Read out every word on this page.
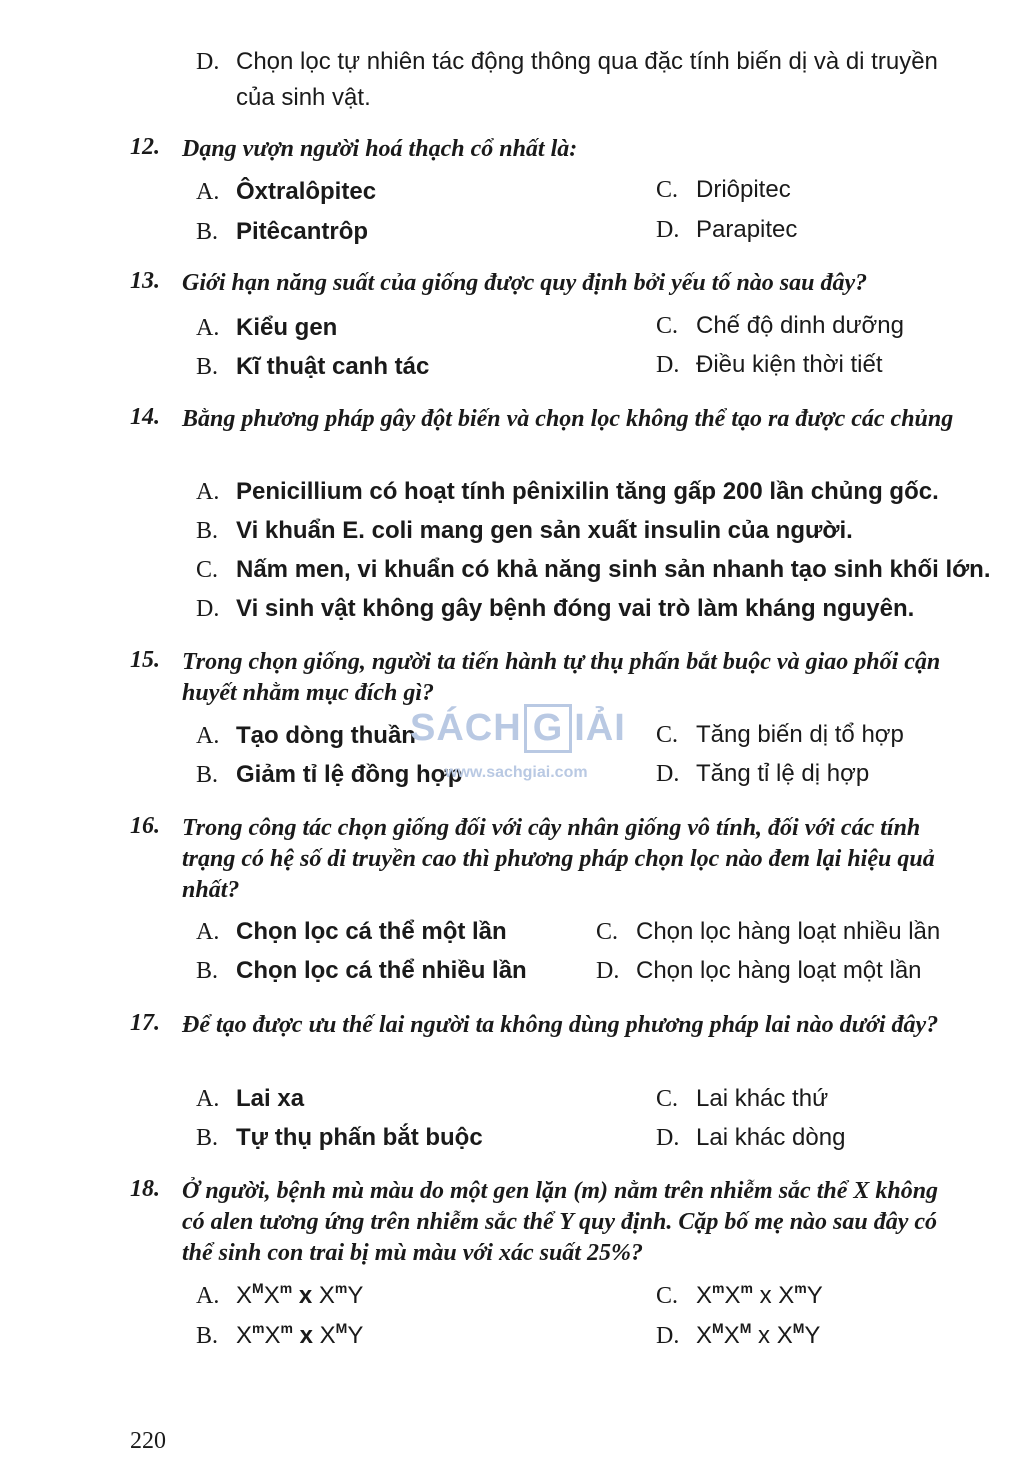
D. Chọn lọc tự nhiên tác động thông qua đặc tính biến dị và di truyền
của sinh vật.
12. Dạng vượn người hoá thạch cổ nhất là:
A. Ôxtralôpitec
B. Pitêcantrôp
C. Driôpitec
D. Parapitec
13. Giới hạn năng suất của giống được quy định bởi yếu tố nào sau đây?
A. Kiểu gen
B. Kĩ thuật canh tác
C. Chế độ dinh dưỡng
D. Điều kiện thời tiết
14. Bằng phương pháp gây đột biến và chọn lọc không thể tạo ra được các chủng
A. Penicillium có hoạt tính pênixilin tăng gấp 200 lần chủng gốc.
B. Vi khuẩn E. coli mang gen sản xuất insulin của người.
C. Nấm men, vi khuẩn có khả năng sinh sản nhanh tạo sinh khối lớn.
D. Vi sinh vật không gây bệnh đóng vai trò làm kháng nguyên.
15. Trong chọn giống, người ta tiến hành tự thụ phấn bắt buộc và giao phối cận huyết nhằm mục đích gì?
A. Tạo dòng thuần
B. Giảm tỉ lệ đồng hợp
C. Tăng biến dị tổ hợp
D. Tăng tỉ lệ dị hợp
SÁCH G IẢI
www.sachgiai.com
16. Trong công tác chọn giống đối với cây nhân giống vô tính, đối với các tính trạng có hệ số di truyền cao thì phương pháp chọn lọc nào đem lại hiệu quả nhất?
A. Chọn lọc cá thể một lần
B. Chọn lọc cá thể nhiều lần
C. Chọn lọc hàng loạt nhiều lần
D. Chọn lọc hàng loạt một lần
17. Để tạo được ưu thế lai người ta không dùng phương pháp lai nào dưới đây?
A. Lai xa
B. Tự thụ phấn bắt buộc
C. Lai khác thứ
D. Lai khác dòng
18. Ở người, bệnh mù màu do một gen lặn (m) nằm trên nhiễm sắc thể X không có alen tương ứng trên nhiễm sắc thể Y quy định. Cặp bố mẹ nào sau đây có thể sinh con trai bị mù màu với xác suất 25%?
A. $X^MX^m$ x $X^mY$
B. $X^mX^m$ x $X^MY$
C. $X^mX^m$ x $X^mY$
D. $X^MX^M$ x $X^MY$
220
